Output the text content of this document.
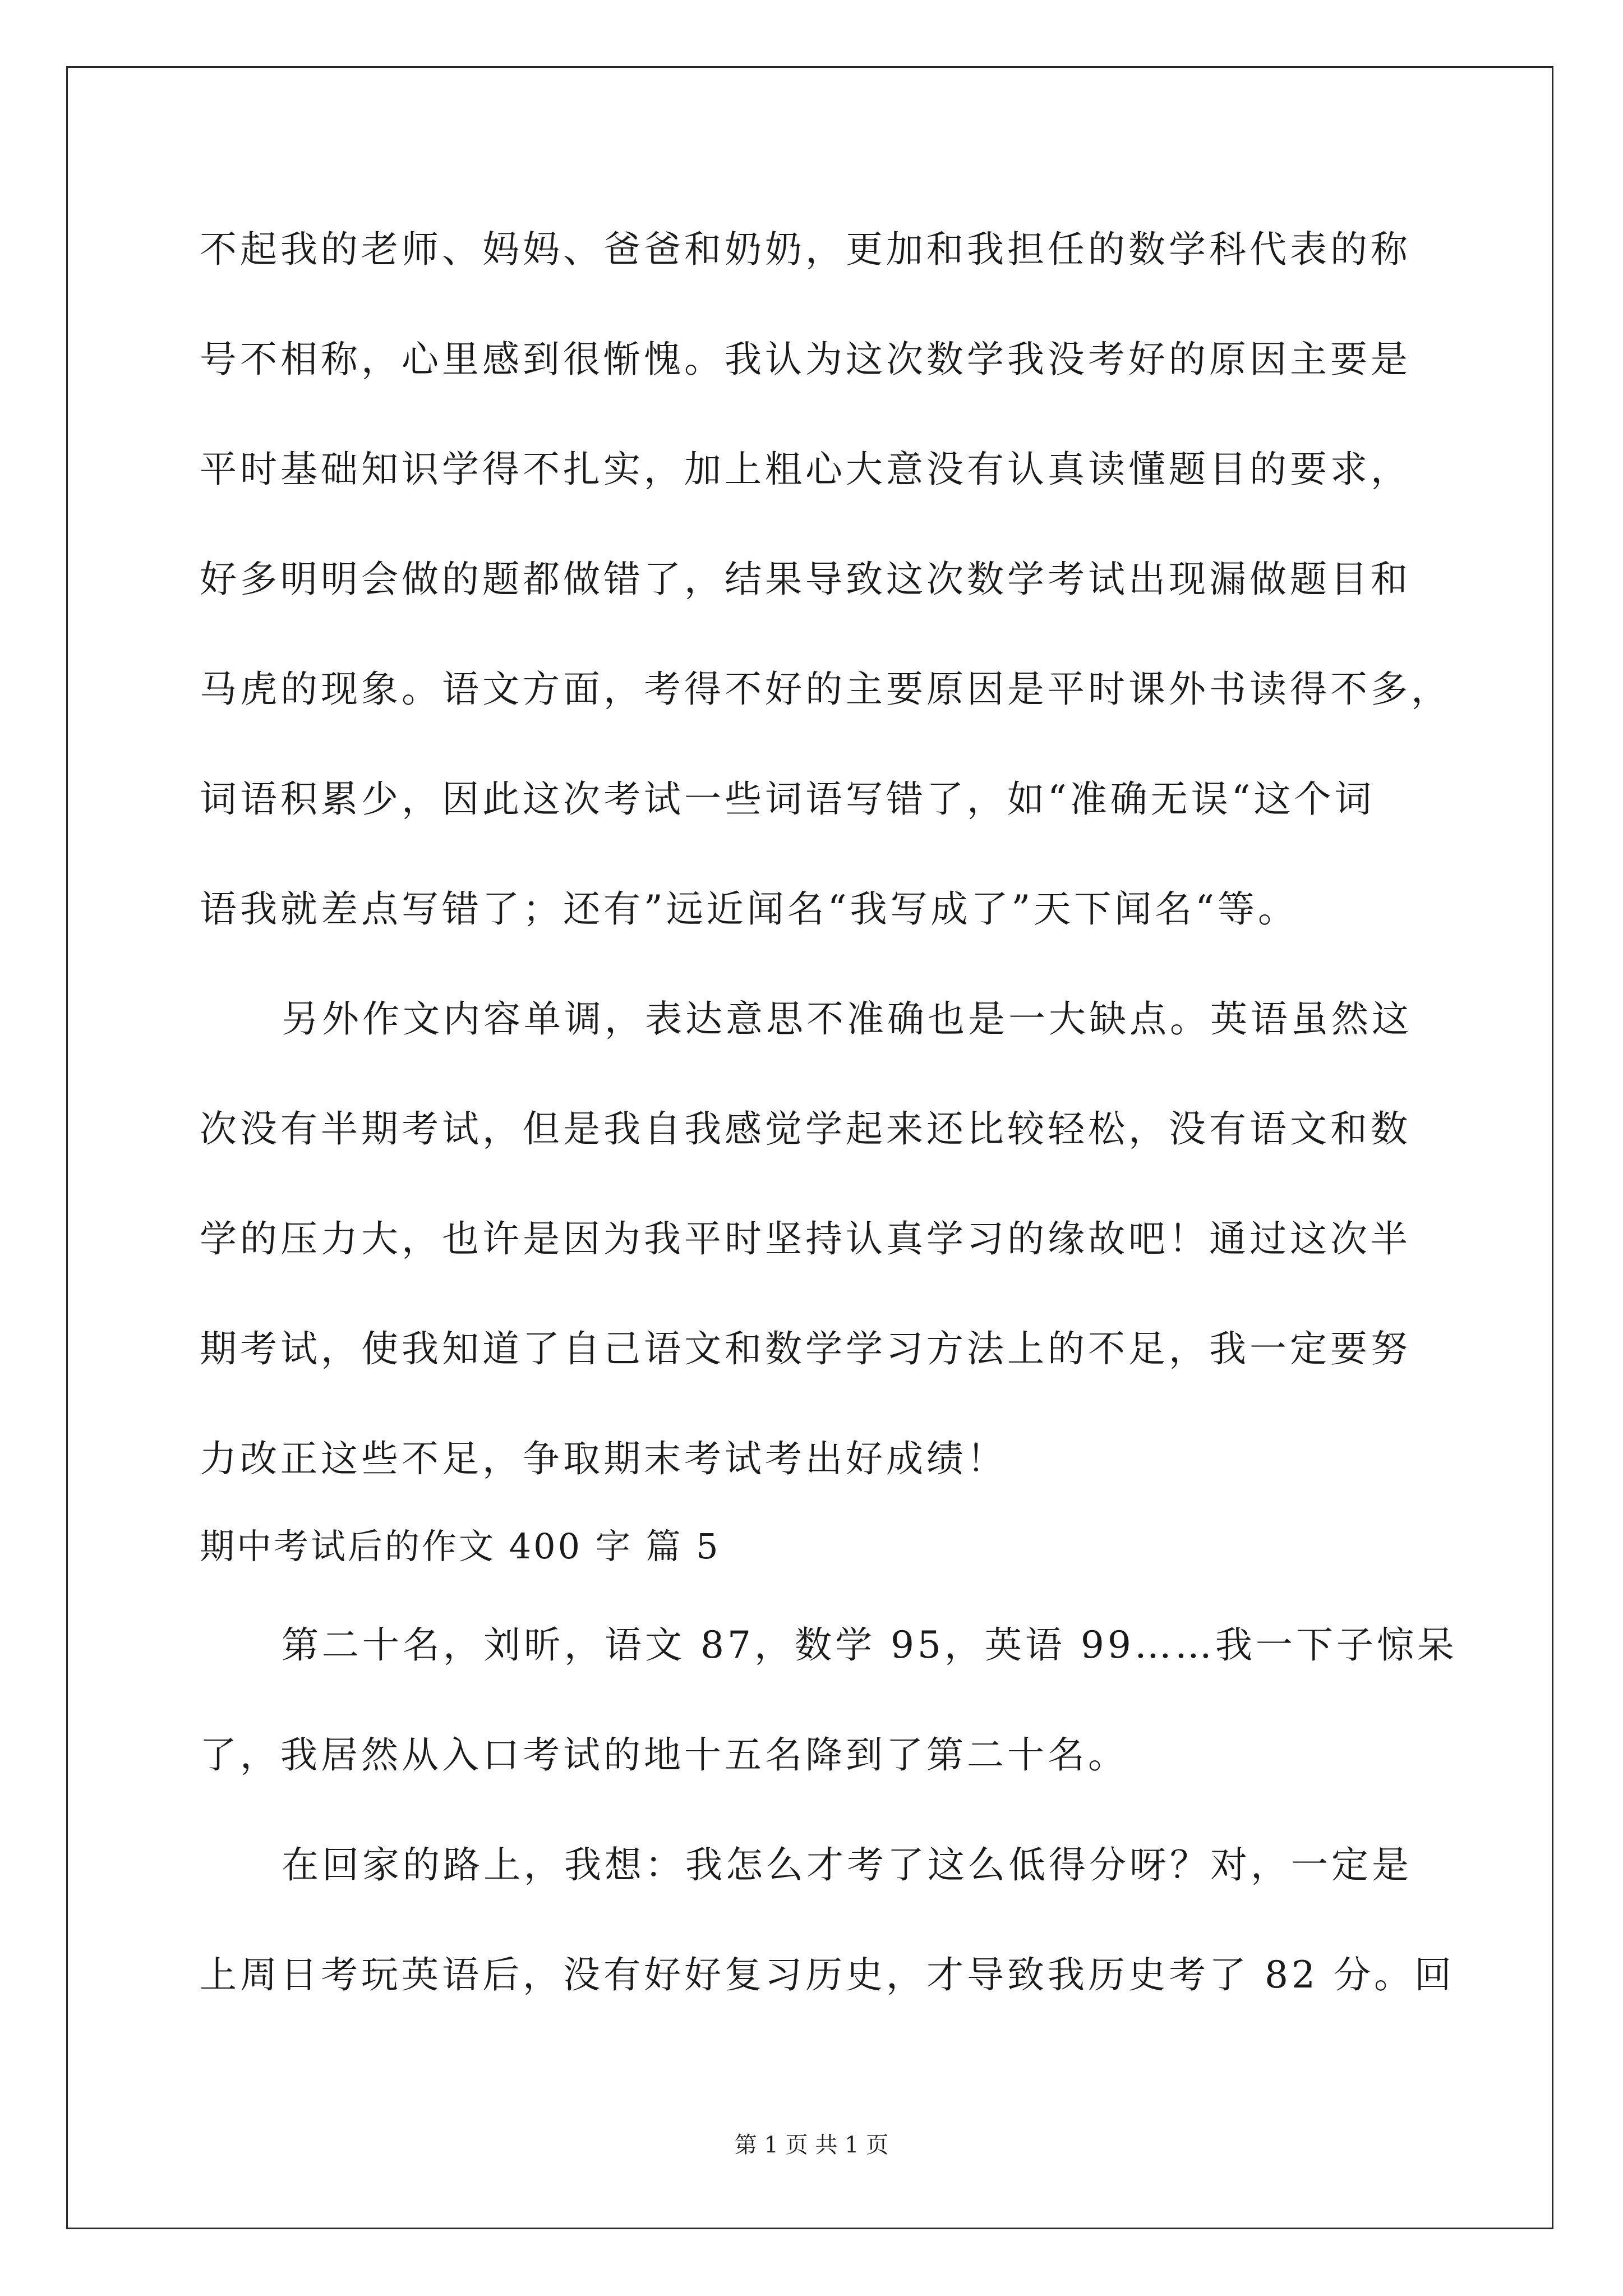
不起我的老师、妈妈、爸爸和奶奶，更加和我担任的数学科代表的称
号不相称，心里感到很惭愧。我认为这次数学我没考好的原因主要是
平时基础知识学得不扎实，加上粗心大意没有认真读懂题目的要求，
好多明明会做的题都做错了，结果导致这次数学考试出现漏做题目和
马虎的现象。语文方面，考得不好的主要原因是平时课外书读得不多，
词语积累少，因此这次考试一些词语写错了，如“准确无误“这个词
语我就差点写错了；还有”远近闻名“我写成了”天下闻名“等。
另外作文内容单调，表达意思不准确也是一大缺点。英语虽然这
次没有半期考试，但是我自我感觉学起来还比较轻松，没有语文和数
学的压力大，也许是因为我平时坚持认真学习的缘故吧！通过这次半
期考试，使我知道了自己语文和数学学习方法上的不足，我一定要努
力改正这些不足，争取期末考试考出好成绩！
期中考试后的作文 400 字 篇 5
第二十名，刘昕，语文 87，数学 95，英语 99……我一下子惊呆
了，我居然从入口考试的地十五名降到了第二十名。
在回家的路上，我想：我怎么才考了这么低得分呀？对，一定是
上周日考玩英语后，没有好好复习历史，才导致我历史考了 82 分。回
第 1 页 共 1 页
